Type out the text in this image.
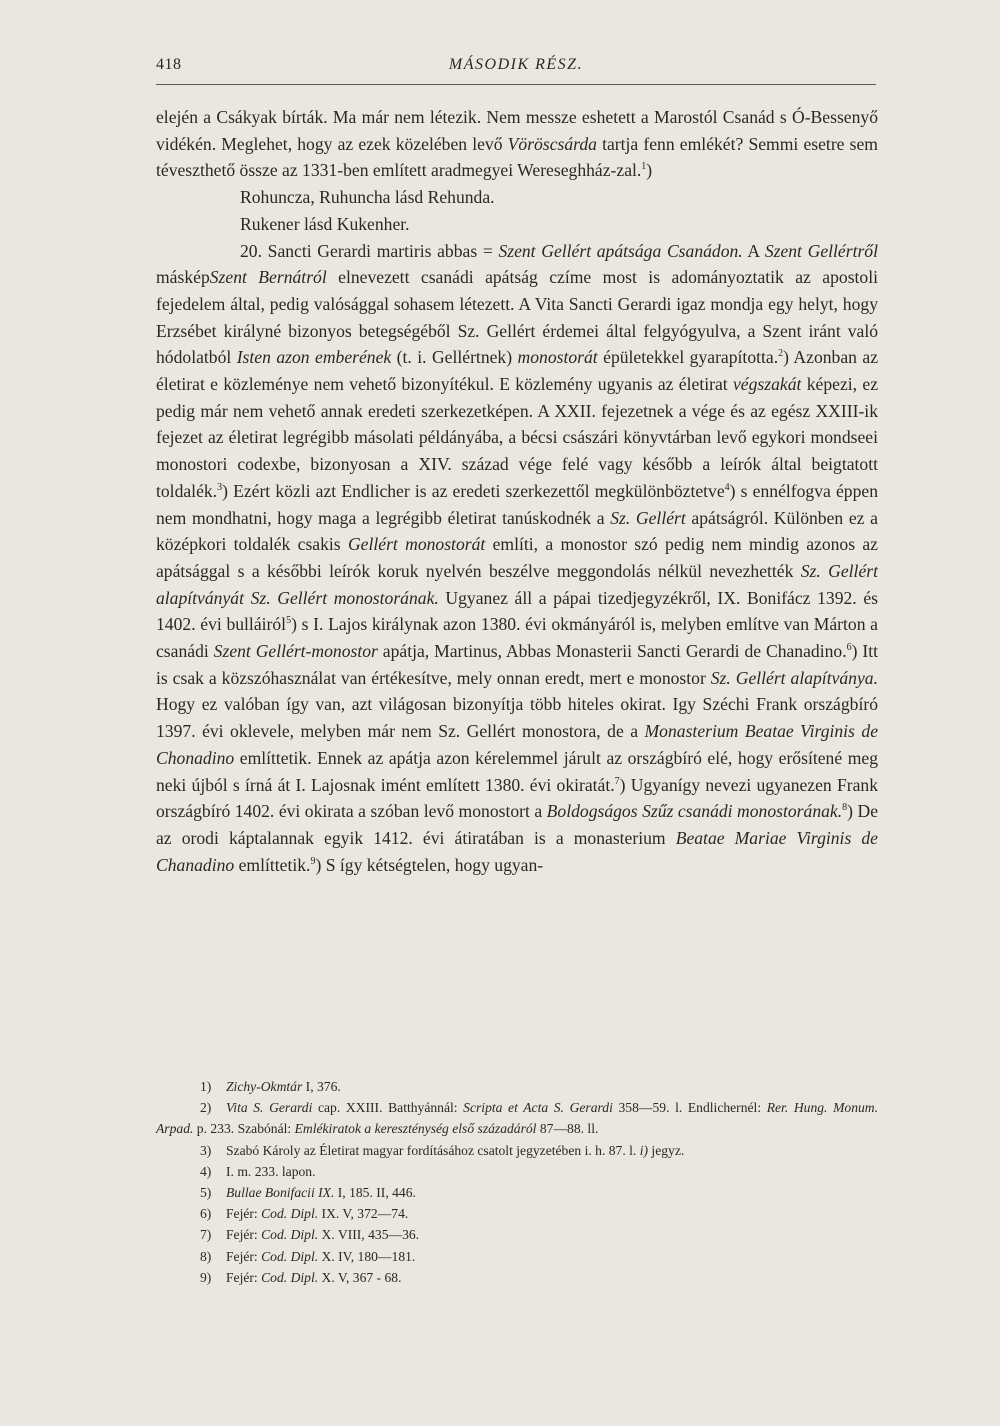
418	MÁSODIK RÉSZ.

elején a Csákyak bírták. Ma már nem létezik. Nem messze eshetett a Marostól Csanád s Ó-Bessenyő vidékén. Meglehet, hogy az ezek közelében levő Vöröscsárda tartja fenn emlékét? Semmi esetre sem téveszthető össze az 1331-ben említett aradmegyei Wereseghház-zal.$^1$)

Rohuncza, Ruhuncha lásd Rehunda.

Rukener lásd Kukenher.

20. Sancti Gerardi martiris abbas = Szent Gellért apátsága Csanádon. A Szent Gellértről másképSzent Bernátról elnevezett csanádi apátság czíme most is adományoztatik az apostoli fejedelem által, pedig valósággal sohasem létezett. A Vita Sancti Gerardi igaz mondja egy helyt, hogy Erzsébet királyné bizonyos betegségéből Sz. Gellért érdemei által felgyógyulva, a Szent iránt való hódolatból Isten azon emberének (t. i. Gellértnek) monostorát épületekkel gyarapította.$^2$) Azonban az életirat e közleménye nem vehető bizonyítékul. E közlemény ugyanis az életirat végszakát képezi, ez pedig már nem vehető annak eredeti szerkezetképen. A XXII. fejezetnek a vége és az egész XXIII-ik fejezet az életirat legrégibb másolati példányába, a bécsi császári könyvtárban levő egykori mondseei monostori codexbe, bizonyosan a XIV. század vége felé vagy később a leírók által beigtatott toldalék.$^3$) Ezért közli azt Endlicher is az eredeti szerkezettől megkülönböztetve$^4$) s ennélfogva éppen nem mondhatni, hogy maga a legrégibb életirat tanúskodnék a Sz. Gellért apátságról. Különben ez a középkori toldalék csakis Gellért monostorát említi, a monostor szó pedig nem mindig azonos az apátsággal s a későbbi leírók koruk nyelvén beszélve meggondolás nélkül nevezhették Sz. Gellért alapítványát Sz. Gellért monostorának. Ugyanez áll a pápai tizedjegyzékről, IX. Bonifácz 1392. és 1402. évi bulláiról$^5$) s I. Lajos királynak azon 1380. évi okmányáról is, melyben említve van Márton a csanádi Szent Gellért-monostor apátja, Martinus, Abbas Monasterii Sancti Gerardi de Chanadino.$^6$) Itt is csak a közszóhasználat van értékesítve, mely onnan eredt, mert e monostor Sz. Gellért alapítványa. Hogy ez valóban így van, azt világosan bizonyítja több hiteles okirat. Igy Széchi Frank országbíró 1397. évi oklevele, melyben már nem Sz. Gellért monostora, de a Monasterium Beatae Virginis de Chonadino említtetik. Ennek az apátja azon kérelemmel járult az országbíró elé, hogy erősítené meg neki újból s írná át I. Lajosnak imént említett 1380. évi okiratát.$^7$) Ugyanígy nevezi ugyanezen Frank országbíró 1402. évi okirata a szóban levő monostort a Boldogságos Szűz csanádi monostorának.$^8$) De az orodi káptalannak egyik 1412. évi átiratában is a monasterium Beatae Mariae Virginis de Chanadino említtetik.$^9$) S így kétségtelen, hogy ugyan-

1) Zichy-Okmtár I, 376.

2) Vita S. Gerardi cap. XXIII. Batthyánnál: Scripta et Acta S. Gerardi 358—59. l. Endlichernél: Rer. Hung. Monum. Arpad. p. 233. Szabónál: Emlékiratok a kereszténység első századáról 87—88. ll.

3) Szabó Károly az Életirat magyar fordításához csatolt jegyzetében i. h. 87. l. i) jegyz.

4) I. m. 233. lapon.

5) Bullae Bonifacii IX. I, 185. II, 446.

6) Fejér: Cod. Dipl. IX. V, 372—74.

7) Fejér: Cod. Dipl. X. VIII, 435—36.

8) Fejér: Cod. Dipl. X. IV, 180—181.

9) Fejér: Cod. Dipl. X. V, 367 - 68.
